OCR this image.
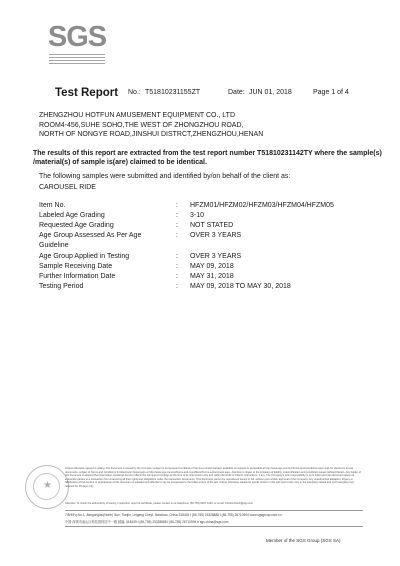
SGS
Test Report No.: T51810231155ZT	Date: JUN 01, 2018	Page 1 of 4
ZHENGZHOU HOTFUN AMUSEMENT EQUIPMENT CO., LTD
ROOM4-456,SUHE SOHO,THE WEST OF ZHONGZHOU ROAD,
NORTH OF NONGYE ROAD,JINSHUI DISTRCT,ZHENGZHOU,HENAN
The results of this report are extracted from the test report number T51810231142TY where the sample(s)
/material(s) of sample is(are) claimed to be identical.
The following samples were submitted and identified by/on behalf of the client as:
CAROUSEL RIDE
Item No.	: HFZM01/HFZM02/HFZM03/HFZM04/HFZM05
Labeled Age Grading	: 3-10
Requested Age Grading	: NOT STATED
Age Group Assessed As Per Age	: OVER 3 YEARS
Guideline
Age Group Applied in Testing	: OVER 3 YEARS
Sample Receiving Date	: MAY 09, 2018
Further Information Date	: MAY 31, 2018
Testing Period	: MAY 09, 2018 TO MAY 30, 2018
★
Unless otherwise agreed in writing, this document is issued by the Company subject to its General Conditions of Service printed overleaf, available on request or accessible at http://www.sgs.com/en/Terms-and-Conditions.aspx and, for electronic format documents, subject to Terms and Conditions for Electronic Documents at http://www.sgs.com/en/Terms-and-Conditions/Terms-e-Document.aspx. Attention is drawn to the limitation of liability, indemnification and jurisdiction issues defined therein. Any holder of this document is advised that information contained hereon reflects the Company's findings at the time of its intervention only and within the limits of Client's instructions, if any. The Company's sole responsibility is to its Client and this document does not exonerate parties to a transaction from exercising all their rights and obligations under the transaction documents. This document cannot be reproduced except in full, without prior written approval of the Company. Any unauthorized alteration, forgery or falsification of the content or appearance of this document is unlawful and offenders may be prosecuted to the fullest extent of the law. Unless otherwise stated the results shown in this test report refer only to the sample(s) tested and such sample(s) are retained for 30 days only.
Attention: To check the authenticity of testing / inspection report & certificate, please contact us at telephone: (86-755) 8307 1443, or email: CN.Doccheck@sgs.com
7/8/9/Fq No.1, Jiangonglou(North) Sun, Tianjin, Leigang Cheyt, Nanchao, China 518435 t (86-755) 25328888 f (86-755) 26710594 www.sgsgroup.com.cn
中国·深圳市南山区科技园科技中一路 邮编: 518435 t (86-755) 25328888 f (86-755) 26710594 e sgs.china@sgs.com
Member of the SGS Group (SGS SA)
